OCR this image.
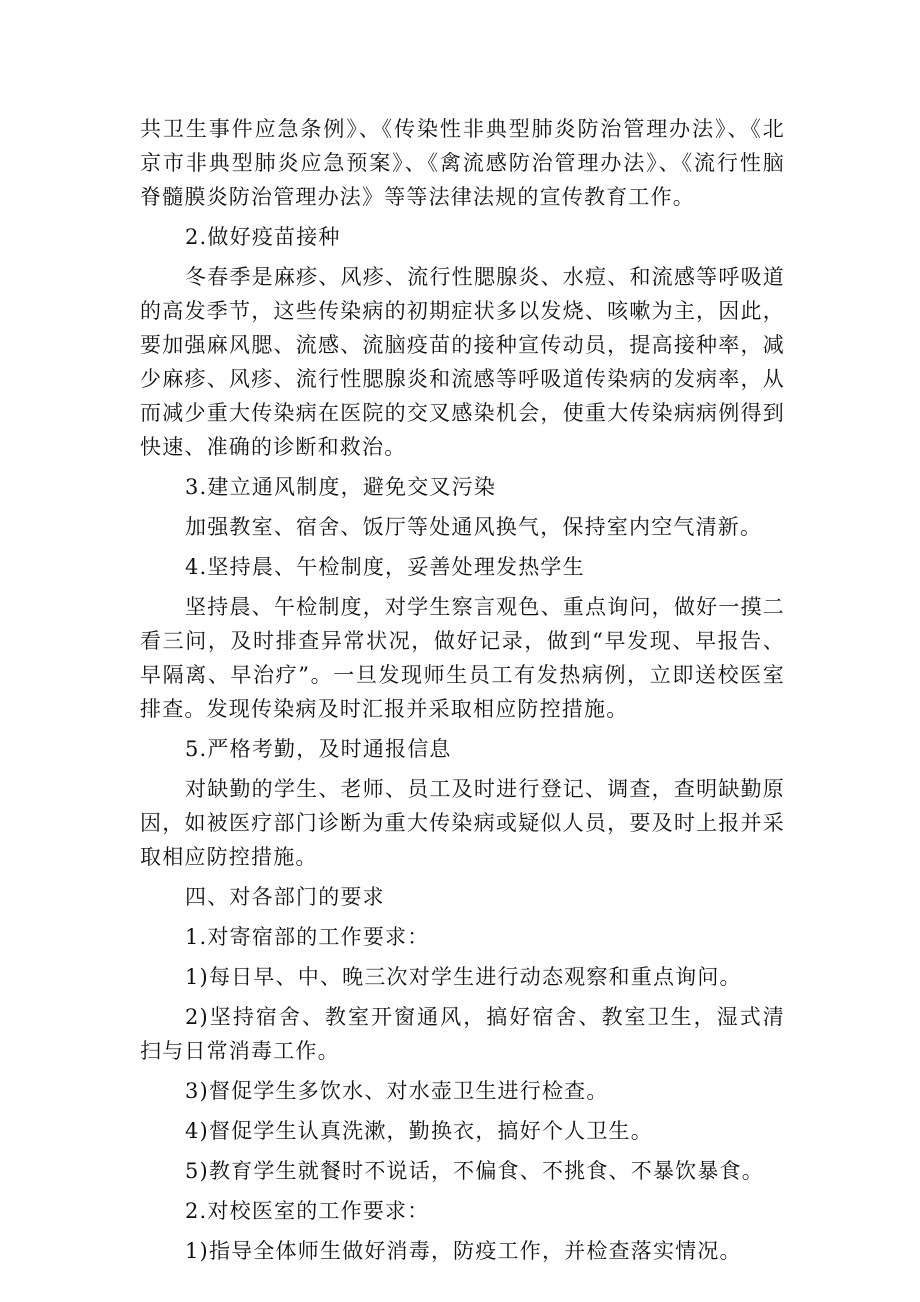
共卫生事件应急条例》、《传染性非典型肺炎防治管理办法》、《北京市非典型肺炎应急预案》、《禽流感防治管理办法》、《流行性脑脊髓膜炎防治管理办法》等等法律法规的宣传教育工作。

2.做好疫苗接种

冬春季是麻疹、风疹、流行性腮腺炎、水痘、和流感等呼吸道的高发季节，这些传染病的初期症状多以发烧、咳嗽为主，因此，要加强麻风腮、流感、流脑疫苗的接种宣传动员，提高接种率，减少麻疹、风疹、流行性腮腺炎和流感等呼吸道传染病的发病率，从而减少重大传染病在医院的交叉感染机会，使重大传染病病例得到快速、准确的诊断和救治。

3.建立通风制度，避免交叉污染

加强教室、宿舍、饭厅等处通风换气，保持室内空气清新。

4.坚持晨、午检制度，妥善处理发热学生

坚持晨、午检制度，对学生察言观色、重点询问，做好一摸二看三问，及时排查异常状况，做好记录，做到“早发现、早报告、早隔离、早治疗”。一旦发现师生员工有发热病例，立即送校医室排查。发现传染病及时汇报并采取相应防控措施。

5.严格考勤，及时通报信息

对缺勤的学生、老师、员工及时进行登记、调查，查明缺勤原因，如被医疗部门诊断为重大传染病或疑似人员，要及时上报并采取相应防控措施。

四、对各部门的要求

1.对寄宿部的工作要求：

1)每日早、中、晚三次对学生进行动态观察和重点询问。

2)坚持宿舍、教室开窗通风，搞好宿舍、教室卫生，湿式清扫与日常消毒工作。

3)督促学生多饮水、对水壶卫生进行检查。

4)督促学生认真洗漱，勤换衣，搞好个人卫生。

5)教育学生就餐时不说话，不偏食、不挑食、不暴饮暴食。

2.对校医室的工作要求：

1)指导全体师生做好消毒，防疫工作，并检查落实情况。
